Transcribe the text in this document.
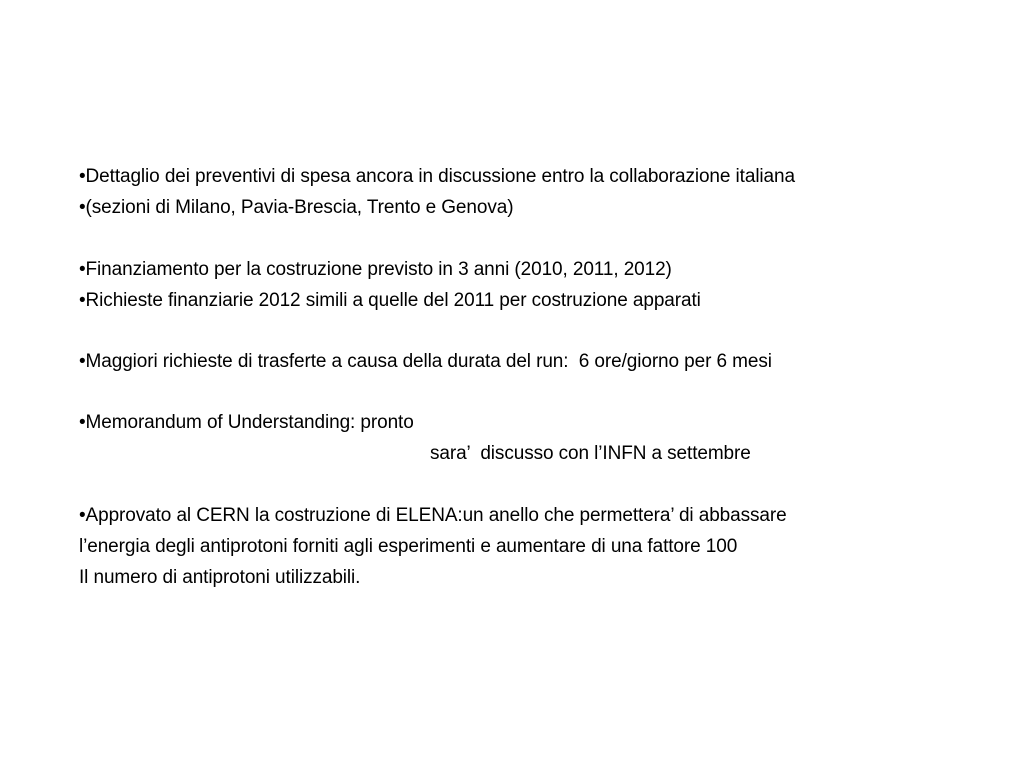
•Dettaglio dei preventivi di spesa ancora in discussione entro la collaborazione italiana
•(sezioni di Milano, Pavia-Brescia, Trento e Genova)
•Finanziamento per la costruzione previsto in 3 anni (2010, 2011, 2012)
•Richieste finanziarie 2012 simili a quelle del 2011 per costruzione apparati
•Maggiori richieste di trasferte a causa della durata del run:  6 ore/giorno per 6 mesi
•Memorandum of Understanding: pronto
sara’  discusso con l’INFN a settembre
•Approvato al CERN la costruzione di ELENA:un anello che permettera’ di abbassare
l’energia degli antiprotoni forniti agli esperimenti e aumentare di una fattore 100
Il numero di antiprotoni utilizzabili.
